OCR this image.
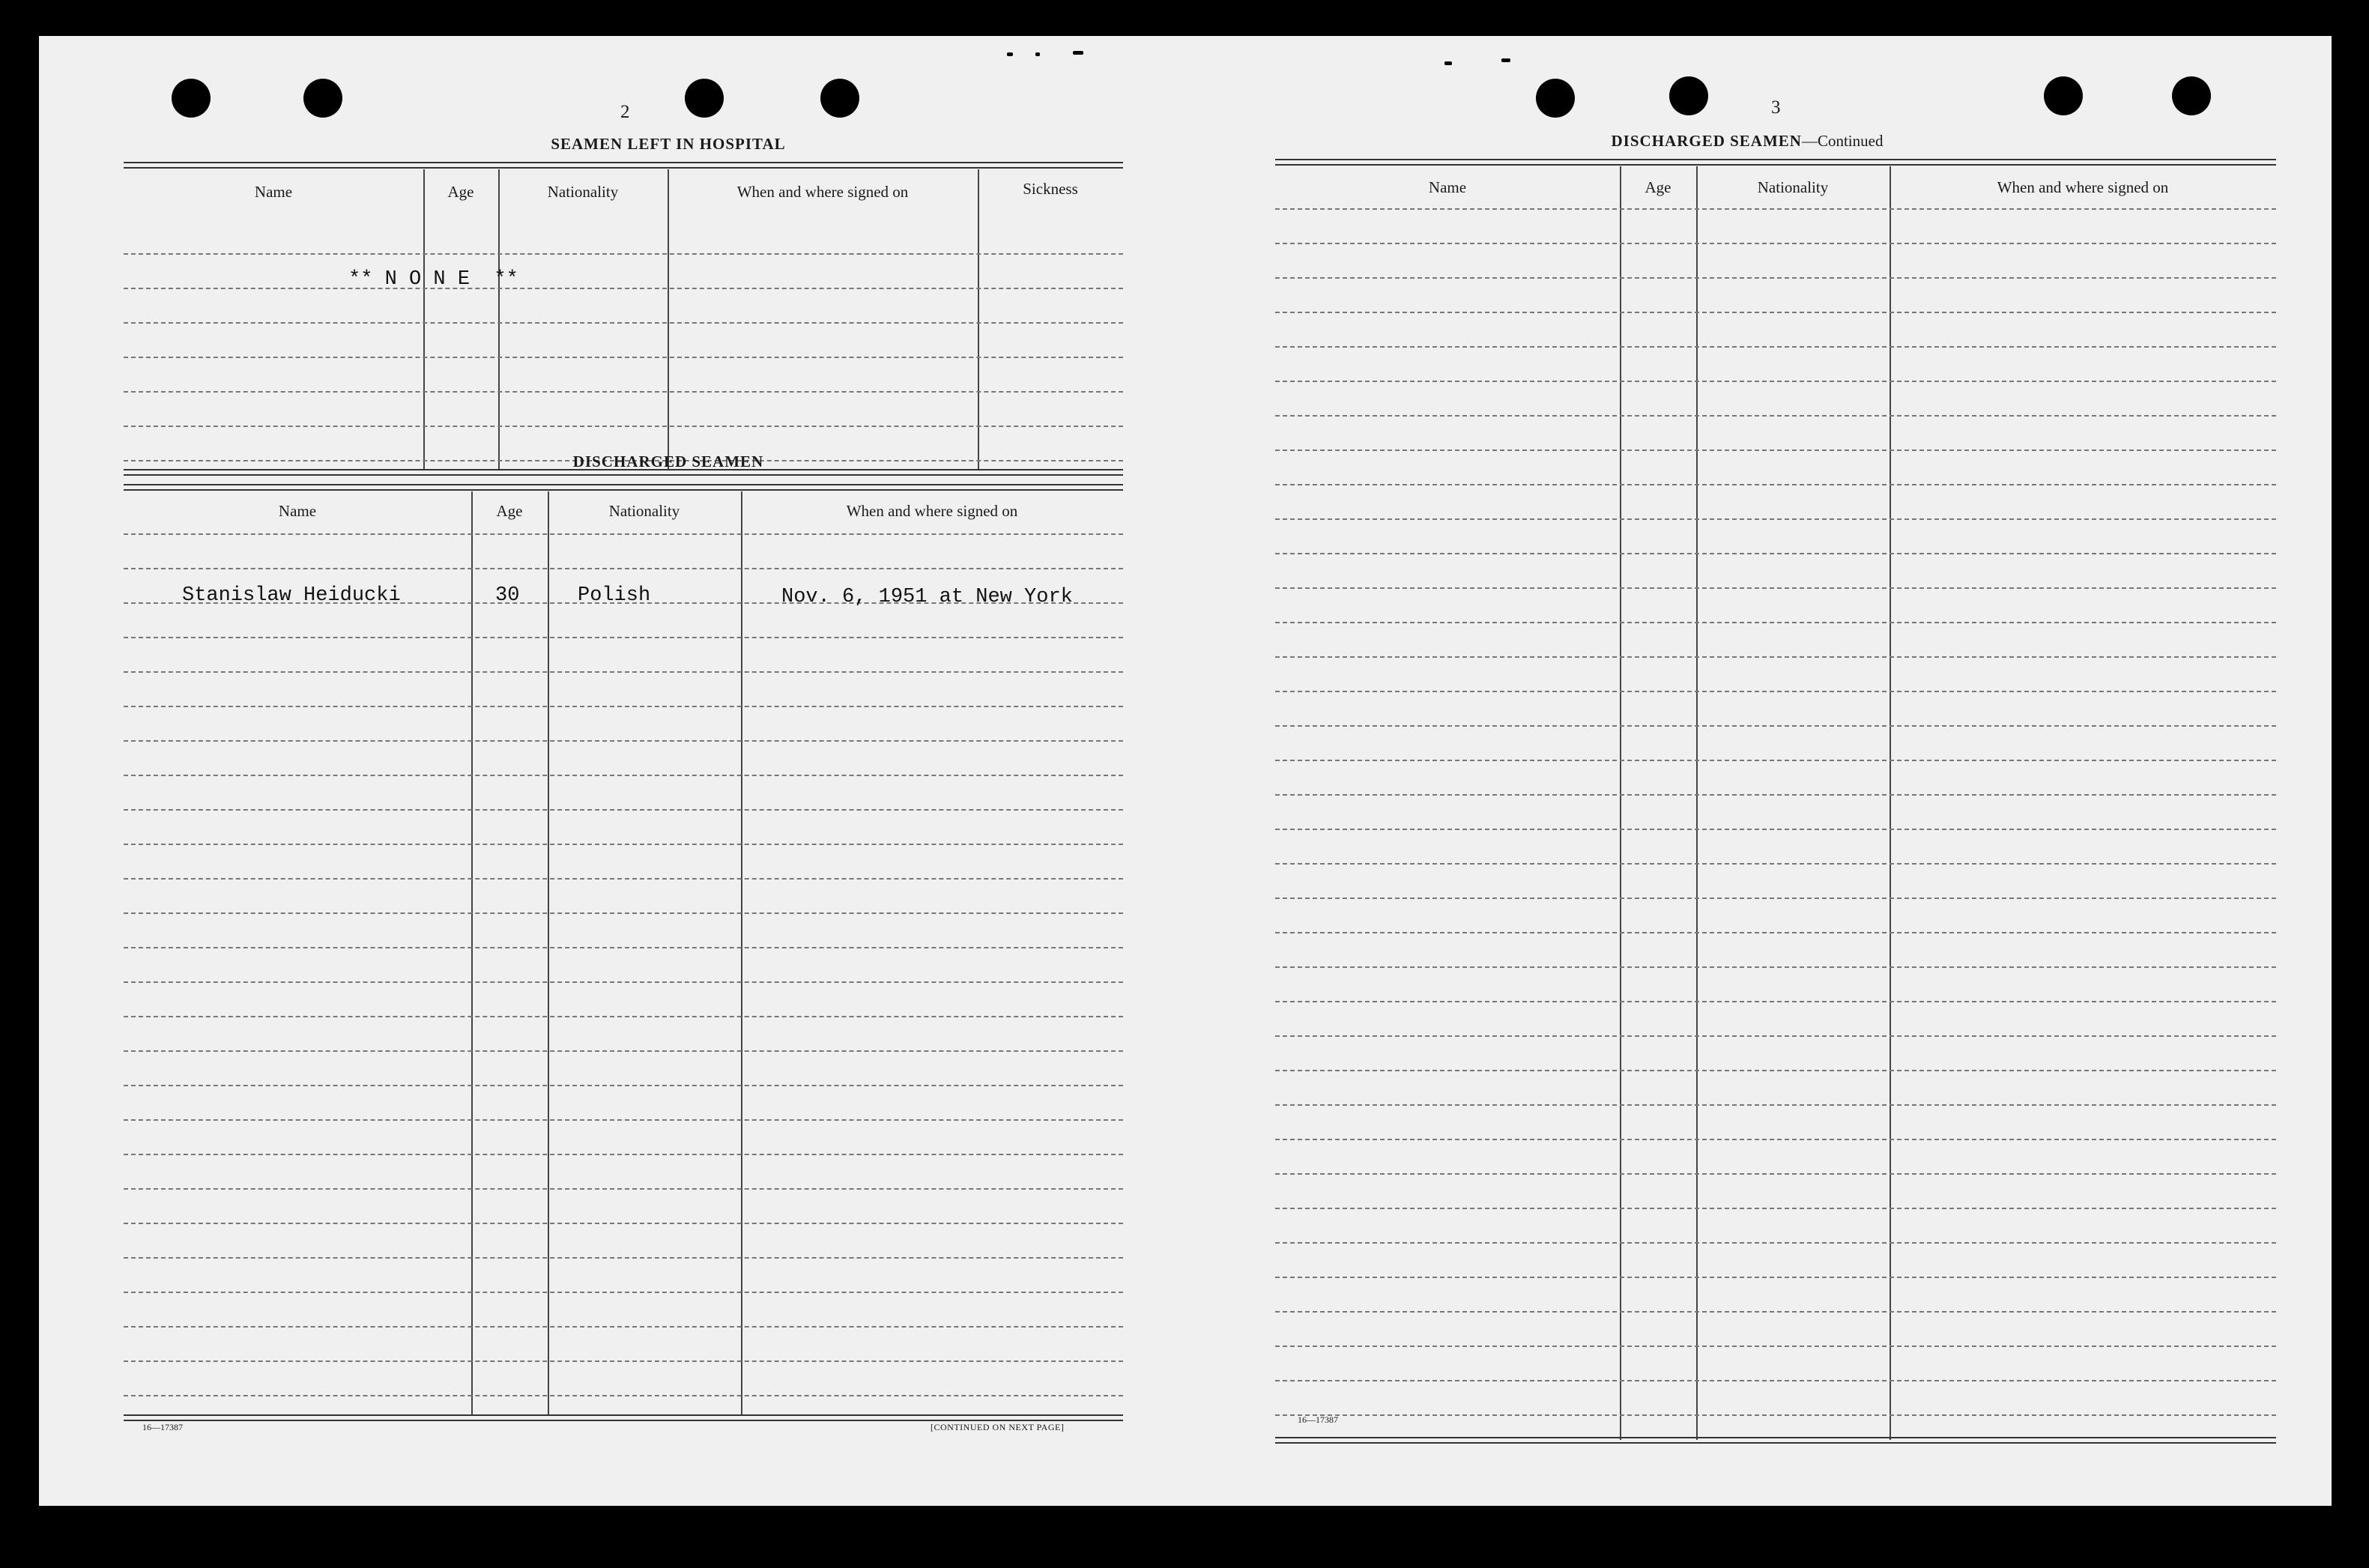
2
SEAMEN LEFT IN HOSPITAL
Name	Age	Nationality	When and where signed on	Sickness
** N O N E  **
DISCHARGED SEAMEN
Name	Age	Nationality	When and where signed on
Stanislaw Heiducki	30	Polish	Nov. 6, 1951 at New York
16—17387	[CONTINUED ON NEXT PAGE]
3
DISCHARGED SEAMEN—Continued
Name	Age	Nationality	When and where signed on
16—17387
